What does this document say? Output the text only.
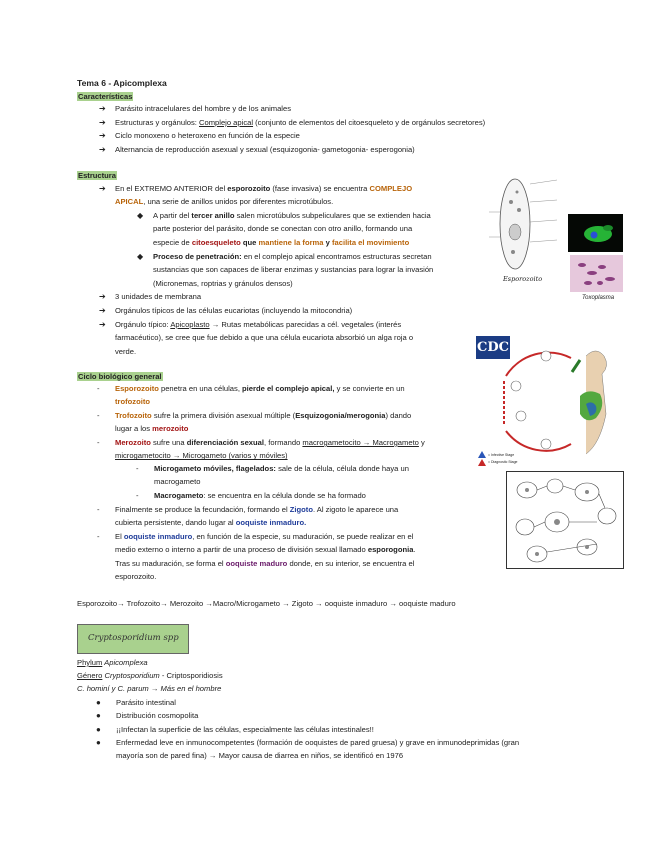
Tema 6 - Apicomplexa
Características
➔ Parásito intracelulares del hombre y de los animales
➔ Estructuras y orgánulos: Complejo apical (conjunto de elementos del citoesqueleto y de orgánulos secretores)
➔ Ciclo monoxeno o heteroxeno en función de la especie
➔ Alternancia de reproducción asexual y sexual (esquizogonia- gametogonia- esperogonia)
Estructura
➔ En el EXTREMO ANTERIOR del esporozoito (fase invasiva) se encuentra COMPLEJO
APICAL, una serie de anillos unidos por diferentes microtúbulos.
◆ A partir del tercer anillo salen microtúbulos subpeliculares que se extienden hacia
parte posterior del parásito, donde se conectan con otro anillo, formando una
especie de citoesqueleto que mantiene la forma y facilita el movimiento
◆ Proceso de penetración: en el complejo apical encontramos estructuras secretan
sustancias que son capaces de liberar enzimas y sustancias para lograr la invasión
(Micronemas, roptrias y gránulos densos)
➔ 3 unidades de membrana
➔ Orgánulos típicos de las células eucariotas (incluyendo la mitocondria)
➔ Orgánulo típico: Apicoplasto → Rutas metabólicas parecidas a cél. vegetales (interés
farmacéutico), se cree que fue debido a que una célula eucariota absorbió un alga roja o
verde.
Esporozoito
Toxoplasma
CDC
= Infective Stage
= Diagnostic Stage
Ciclo biológico general
- Esporozoito penetra en una células, pierde el complejo apical, y se convierte en un
trofozoito
- Trofozoito sufre la primera división asexual múltiple (Esquizogonia/merogonia) dando
lugar a los merozoito
- Merozoito sufre una diferenciación sexual, formando macrogametocito → Macrogameto y
microgametocito → Microgameto (varios y móviles)
- Microgameto móviles, flagelados: sale de la célula, célula donde haya un
macrogameto
- Macrogameto: se encuentra en la célula donde se ha formado
- Finalmente se produce la fecundación, formando el Zigoto. Al zigoto le aparece una
cubierta persistente, dando lugar al ooquiste inmaduro.
- El ooquiste inmaduro, en función de la especie, su maduración, se puede realizar en el
medio externo o interno a partir de una proceso de división sexual llamado esporogonia.
Tras su maduración, se forma el ooquiste maduro donde, en su interior, se encuentra el
esporozoito.
Esporozoito→ Trofozoito→ Merozoito →Macro/Microgameto → Zigoto → ooquiste inmaduro → ooquiste maduro
Cryptosporidium spp
Phylum Apicomplexa
Género Cryptosporidium - Criptosporidiosis
C. hominí y C. parum → Más en el hombre
● Parásito intestinal
● Distribución cosmopolita
● ¡¡Infectan la superficie de las células, especialmente las células intestinales!!
● Enfermedad leve en inmunocompetentes (formación de ooquistes de pared gruesa) y grave en inmunodeprimidas (gran
mayoría son de pared fina) → Mayor causa de diarrea en niños, se identificó en 1976
